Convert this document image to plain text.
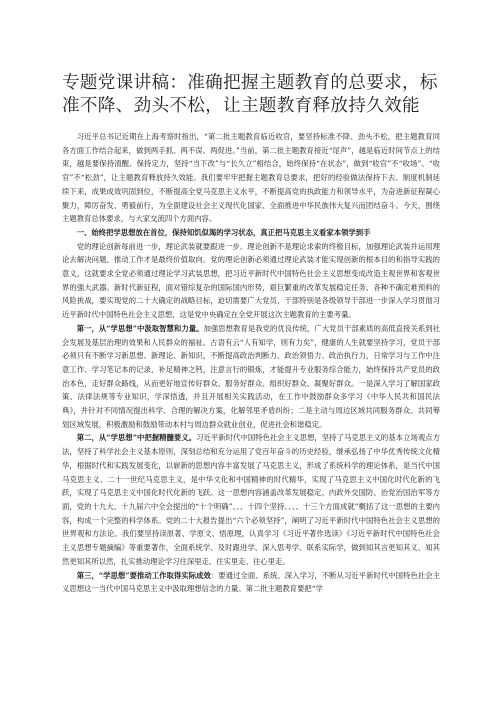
专题党课讲稿：准确把握主题教育的总要求，标准不降、劲头不松，让主题教育释放持久效能

习近平总书记近期在上海考察时指出，“第二批主题教育临近收官，要坚持标准不降、劲头不松，把主题教育同各方面工作结合起来，做到两手抓、两不误、两促进。”当前，第二批主题教育接近“尾声”，越是临近时间节点上的结束，越是要保持清醒、保持定力，坚持“当下改”与“长久立”相结合，始终保持“在状态”，做到“收官”不“收场”、“收官”不“松劲”，让主题教育释放持久效能。我们要牢牢把握主题教育总要求，把好的经验做法保持下去、制度机制延续下来，成果成效巩固到位，不断提高全党马克思主义水平，不断提高党的执政能力和领导水平，为奋进新征程凝心聚力，障厉奋发、勇毅前行，为全面建设社会主义现代化国家、全面推进中华民族伟大复兴而团结奋斗。今天，围绕主题教育总体要求，与大家交流四个方面内容。

一、始终把学思想放在首位，保持知饥似渴的学习状态，真正把马克思主义看家本领学到手

党的理论创新每前进一步，理论武装就要跟进一步。理论创新不是理论求索的终极目标，加强理论武装并运用理论去解决问题、推动工作才是最终价值取向。党的理论创新必须通过理论武装才能实现创新的根本目的和指导实践的意义，这就要求全党必须通过理论学习武装思想，把习近平新时代中国特色社会主义思想变成改造主观世界和客观世界的强大武器。新时代新征程，面对错综复杂的国际国内形势，艰巨繁重的改革发展稳定任务、各种不确定难预料的风险挑战，要实现党的二十大确定的战略目标，迫切需要广大党员、干部特别是各级领导干部进一步深入学习贯彻习近平新时代中国特色社会主义思想，这是党中央确定在全党开展这次主题教育的主要考量。

第一，从“学思想”中汲取智慧和力量。加强思想教育是我党的优良传统，广大党员干部素质的高低直接关系到社会发展及基层治理的效果和人民群众的福祉。古语有云“人有知学，则有力矣”，健康的人生就要坚持学习，党员干部必须只有不断学习新思想、新理论、新知识，不断提高政治判断力、政治领悟力、政治执行力，日常学习与工作中注意工作、学习笔记本的记录，补足精神之钙，注意言行的锻炼，才能提升专业服务综合能力，始终保持共产党员的政治本色，走好群众路线，从而更好地宣传好群众、服务好群众、组织好群众、凝聚好群众。一是深入学习了解国家政策、法律法规等专业知识，学深悟透，并且开展相关实践活动，在工作中鼓励群众多学习《中华人民共和国民法典》，并针对不同情况提出科学、合理的解决方案，化解邻里矛盾纠纷；二是主动与周边区域共同服务群众、共同筹划区域发展，积极激励和鼓励带动本村与周边群众就业创业，促进社会和谐稳定。

第二，从“学思想”中把握精髓要义。习近平新时代中国特色社会主义思想，坚持了马克思主义的基本立场观点方法，坚持了科学社会主义基本原则，深刻总结和充分运用了党百年奋斗的历史经验，继承弘扬了中华优秀传统文化精华，根据时代和实践发展变化，以崭新的思想内容丰富发展了马克思主义，形成了系统科学的理论体系，是当代中国马克思主义、二十一世纪马克思主义，是中华文化和中国精神的时代精华，实现了马克思主义中国化时代化新的飞跃，实现了马克思主义中国化时代化新的飞跃。这一思想内容涵盖改革发展稳定、内政外交国防、治党治国治军等方面，党的十九大、十九届六中全会提出的“十个明确”、、、十四个坚持、、、、十三个方面成就”概括了这一思想的主要内容，构成一个完整的科学体系。党的二十大报告提出“六个必须坚持”，阐明了习近平新时代中国特色社会主义思想的世界观和方法论。我们要坚持读原著、学原文、悟原理，认真学习《习近平著作选读》《习近平新时代中国特色社会主义思想专题摘编》等重要著作，全面系统学、及时跟进学、深入思考学、联系实际学，做到知其言更知其义、知其然更知其所以然，扎实推动理论学习往深里走、往实里走、往心里走。

第三，“学思想”要推动工作取得实际成效：要通过全面、系统、深入学习，不断从习近平新时代中国特色社会主义思想这一当代中国马克思主义中汲取理想信念的力量。第二批主题教育要把“学
